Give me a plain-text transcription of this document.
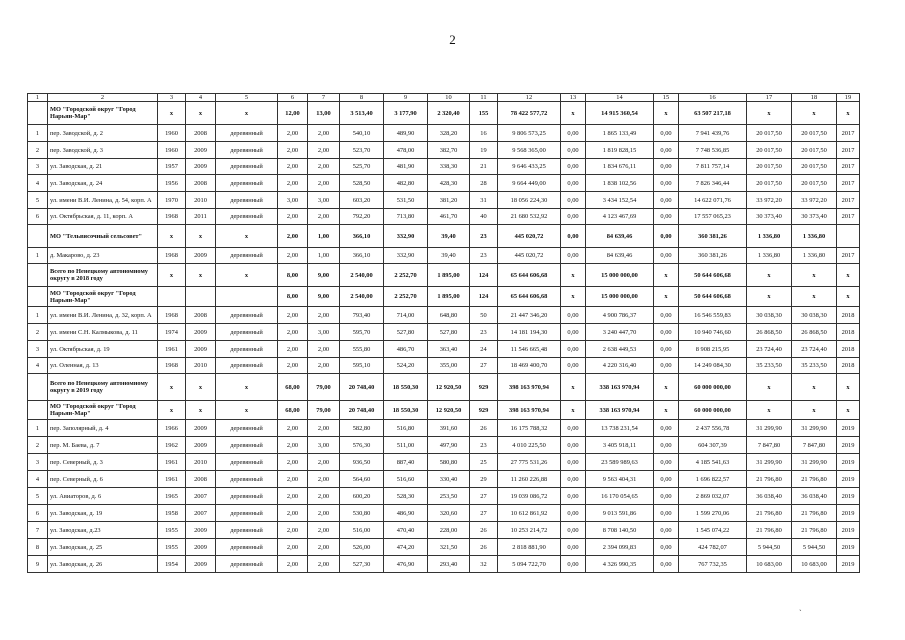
2
1	2	3	4	5	6	7	8	9	10	11	12	13	14	15	16	17	18	19
	МО "Городской округ "Город Нарьян-Мар"	x	x	x	12,00	13,00	3 513,40	3 177,90	2 320,40	155	78 422 577,72	x	14 915 360,54	x	63 507 217,18	x	x	x
1	пер. Заводской, д. 2	1960	2008	деревянный	2,00	2,00	540,10	489,90	328,20	16	9 806 573,25	0,00	1 865 133,49	0,00	7 941 439,76	20 017,50	20 017,50	2017
2	пер. Заводской, д. 3	1960	2009	деревянный	2,00	2,00	523,70	478,00	382,70	19	9 568 365,00	0,00	1 819 828,15	0,00	7 748 536,85	20 017,50	20 017,50	2017
3	ул. Заводская, д. 21	1957	2009	деревянный	2,00	2,00	525,70	481,90	338,30	21	9 646 433,25	0,00	1 834 676,11	0,00	7 811 757,14	20 017,50	20 017,50	2017
4	ул. Заводская, д. 24	1956	2008	деревянный	2,00	2,00	528,50	482,80	428,30	28	9 664 449,00	0,00	1 838 102,56	0,00	7 826 346,44	20 017,50	20 017,50	2017
5	ул. имени В.И. Ленина, д. 54, корп. А	1970	2010	деревянный	3,00	3,00	603,20	531,50	381,20	31	18 056 224,30	0,00	3 434 152,54	0,00	14 622 071,76	33 972,20	33 972,20	2017
6	ул. Октябрьская, д. 11, корп. А	1968	2011	деревянный	2,00	2,00	792,20	713,80	461,70	40	21 680 532,92	0,00	4 123 467,69	0,00	17 557 065,23	30 373,40	30 373,40	2017
	МО "Тельвисочный сельсовет"	x	x	x	2,00	1,00	366,10	332,90	39,40	23	445 020,72	0,00	84 639,46	0,00	360 381,26	1 336,80	1 336,80	
1	д. Макарово, д. 23	1968	2009	деревянный	2,00	1,00	366,10	332,90	39,40	23	445 020,72	0,00	84 639,46	0,00	360 381,26	1 336,80	1 336,80	2017
	Всего по Ненецкому автономному округу в 2018 году	x	x	x	8,00	9,00	2 540,00	2 252,70	1 895,00	124	65 644 606,68	x	15 000 000,00	x	50 644 606,68	x	x	x
	МО "Городской округ "Город Нарьян-Мар"				8,00	9,00	2 540,00	2 252,70	1 895,00	124	65 644 606,68	x	15 000 000,00	x	50 644 606,68	x	x	x
1	ул. имени В.И. Ленина, д. 32, корп. А	1968	2008	деревянный	2,00	2,00	793,40	714,00	648,80	50	21 447 346,20	0,00	4 900 786,37	0,00	16 546 559,83	30 038,30	30 038,30	2018
2	ул. имени С.Н. Калмыкова, д. 11	1974	2009	деревянный	2,00	3,00	595,70	527,80	527,80	23	14 181 194,30	0,00	3 240 447,70	0,00	10 940 746,60	26 868,50	26 868,50	2018
3	ул. Октябрьская, д. 19	1961	2009	деревянный	2,00	2,00	555,80	486,70	363,40	24	11 546 665,48	0,00	2 638 449,53	0,00	8 908 215,95	23 724,40	23 724,40	2018
4	ул. Оленная, д. 13	1968	2010	деревянный	2,00	2,00	595,10	524,20	355,00	27	18 469 400,70	0,00	4 220 316,40	0,00	14 249 084,30	35 233,50	35 233,50	2018
	Всего по Ненецкому автономному округу в 2019 году	x	x	x	68,00	79,00	20 748,40	18 550,30	12 920,50	929	398 163 970,94	x	338 163 970,94	x	60 000 000,00	x	x	x
	МО "Городской округ "Город Нарьян-Мар"	x	x	x	68,00	79,00	20 748,40	18 550,30	12 920,50	929	398 163 970,94	x	338 163 970,94	x	60 000 000,00	x	x	x
1	пер. Заполярный, д. 4	1966	2009	деревянный	2,00	2,00	582,80	516,80	391,60	26	16 175 788,32	0,00	13 738 231,54	0,00	2 437 556,78	31 299,90	31 299,90	2019
2	пер. М. Баева, д. 7	1962	2009	деревянный	2,00	3,00	576,30	511,00	497,90	23	4 010 225,50	0,00	3 405 918,11	0,00	604 307,39	7 847,80	7 847,80	2019
3	пер. Северный, д. 3	1961	2010	деревянный	2,00	2,00	936,50	887,40	580,80	25	27 775 531,26	0,00	23 589 989,63	0,00	4 185 541,63	31 299,90	31 299,90	2019
4	пер. Северный, д. 6	1961	2008	деревянный	2,00	2,00	564,60	516,60	330,40	29	11 260 226,88	0,00	9 563 404,31	0,00	1 696 822,57	21 796,80	21 796,80	2019
5	ул. Авиаторов, д. 6	1965	2007	деревянный	2,00	2,00	600,20	528,30	253,50	27	19 039 086,72	0,00	16 170 054,65	0,00	2 869 032,07	36 038,40	36 038,40	2019
6	ул. Заводская, д. 19	1958	2007	деревянный	2,00	2,00	530,80	486,90	320,60	27	10 612 861,92	0,00	9 013 591,86	0,00	1 599 270,06	21 796,80	21 796,80	2019
7	ул. Заводская, д.23	1955	2009	деревянный	2,00	2,00	516,00	470,40	228,00	26	10 253 214,72	0,00	8 708 140,50	0,00	1 545 074,22	21 796,80	21 796,80	2019
8	ул. Заводская, д. 25	1955	2009	деревянный	2,00	2,00	526,00	474,20	321,50	26	2 818 881,90	0,00	2 394 099,83	0,00	424 782,07	5 944,50	5 944,50	2019
9	ул. Заводская, д. 26	1954	2009	деревянный	2,00	2,00	527,30	476,90	293,40	32	5 094 722,70	0,00	4 326 990,35	0,00	767 732,35	10 683,00	10 683,00	2019
ˏ
